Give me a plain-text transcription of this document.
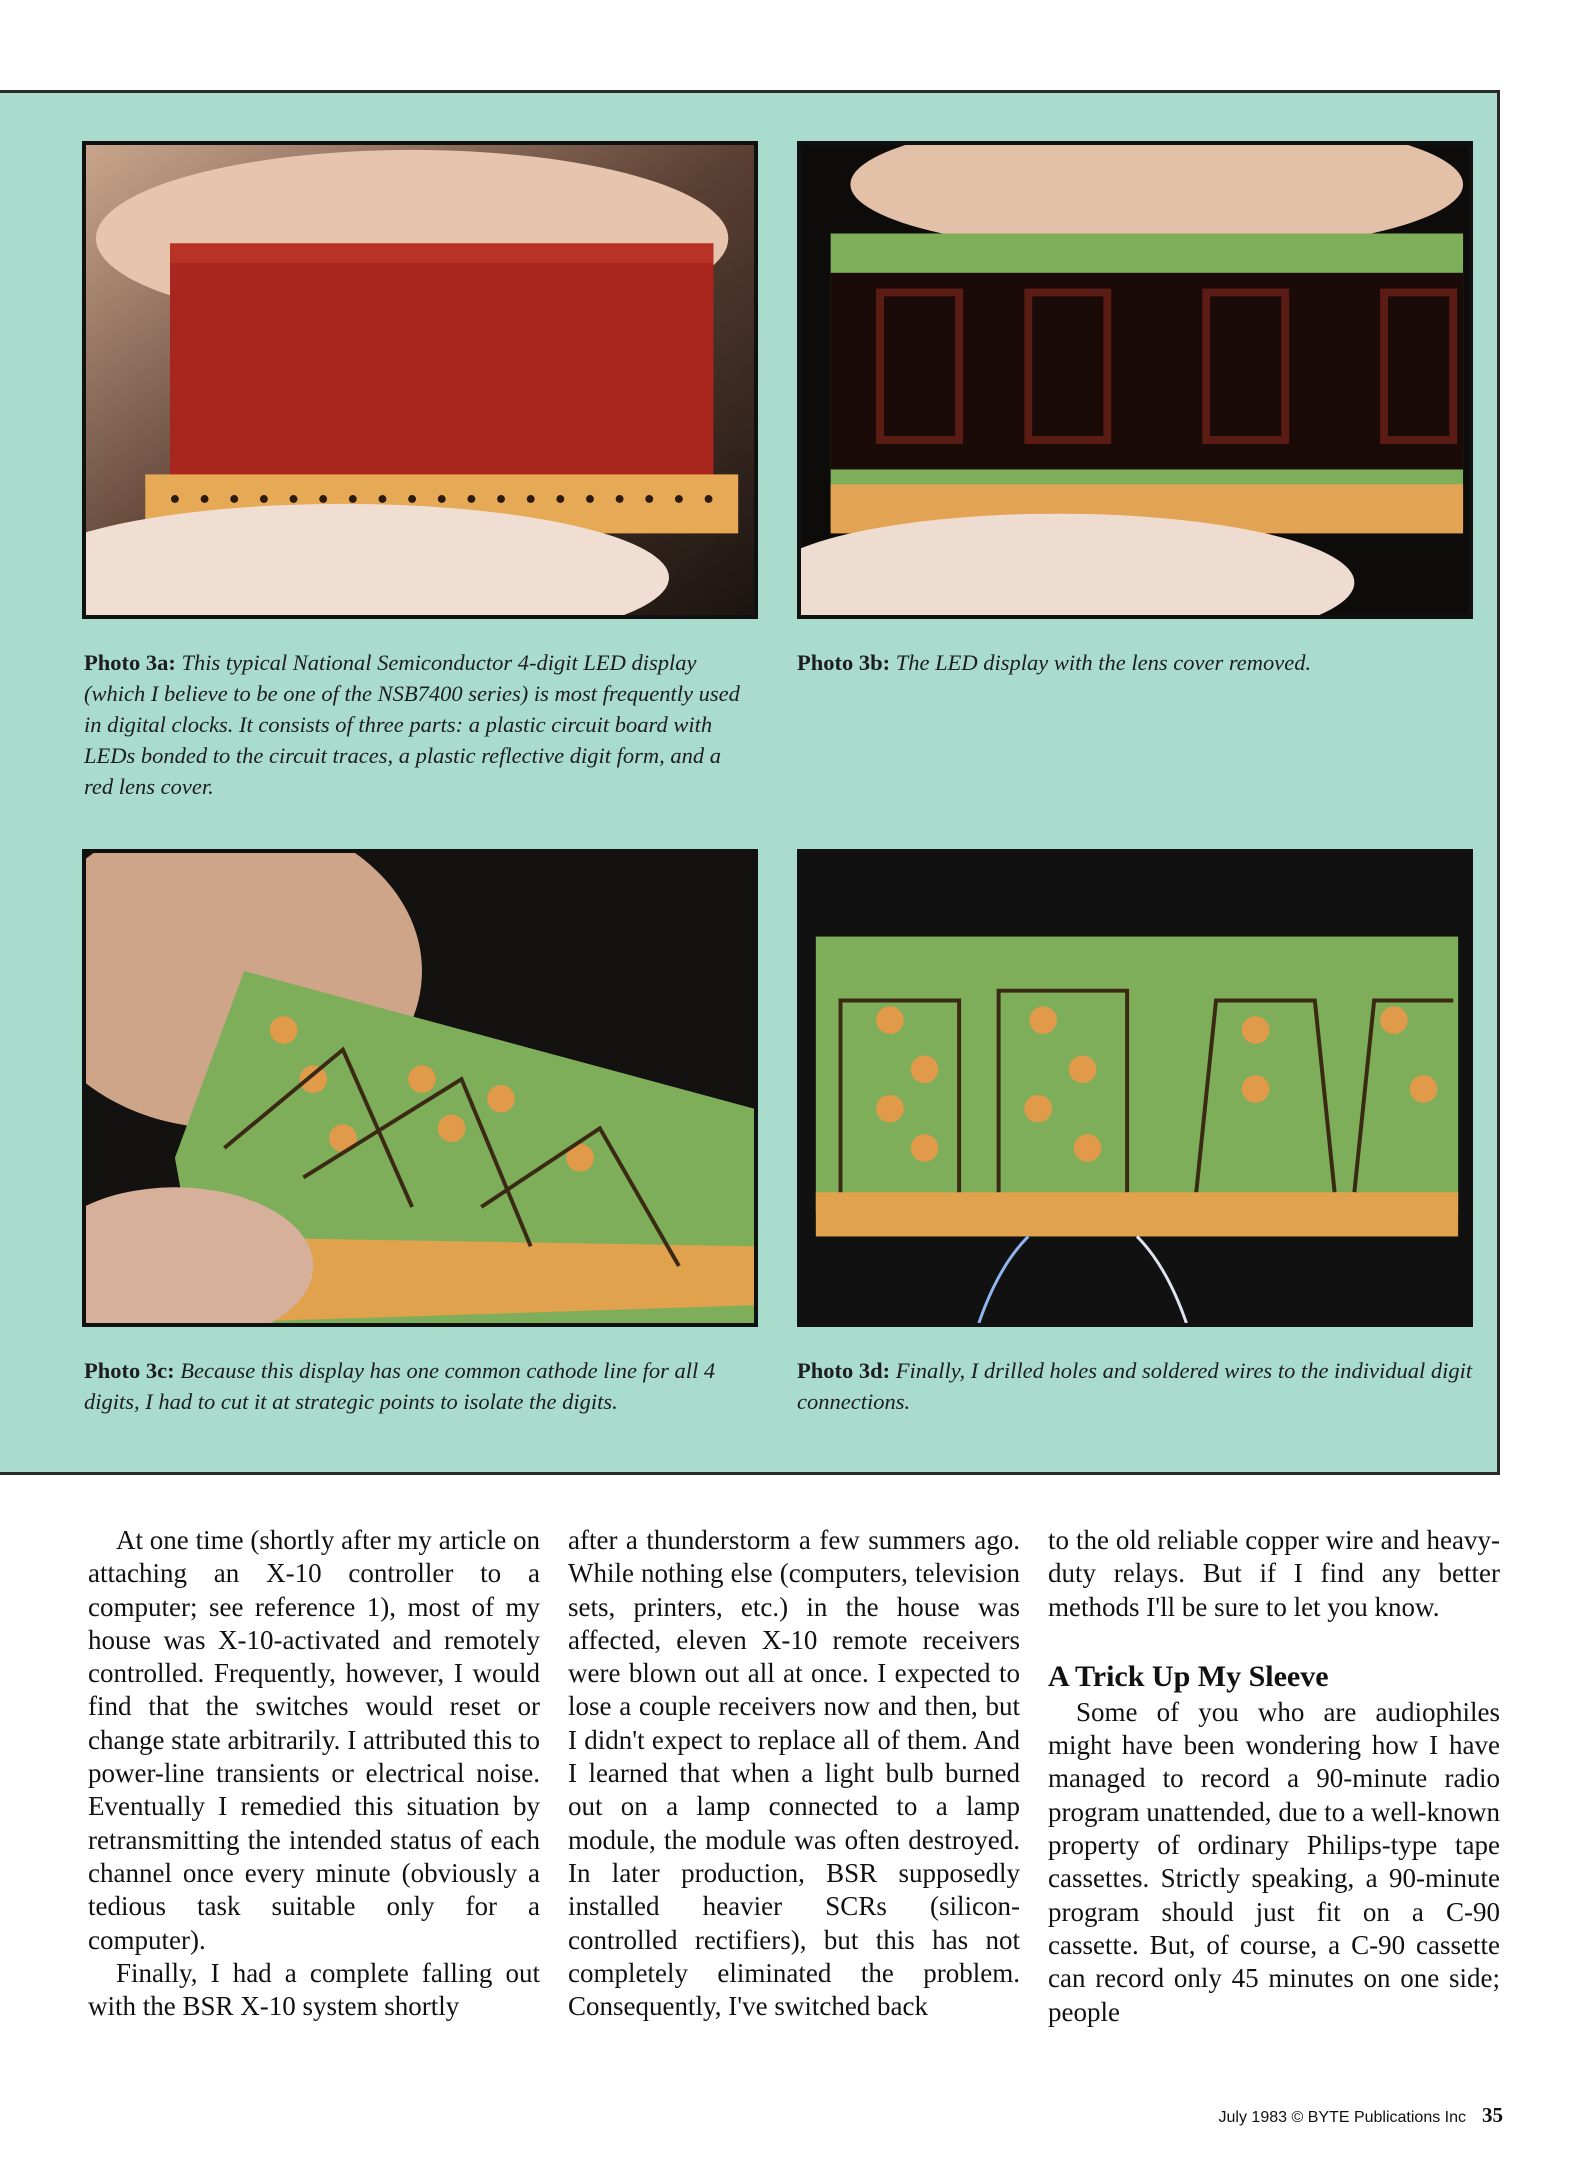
Photo 3a: This typical National Semiconductor 4-digit LED display (which I believe to be one of the NSB7400 series) is most frequently used in digital clocks. It consists of three parts: a plastic circuit board with LEDs bonded to the circuit traces, a plastic reflective digit form, and a red lens cover.
Photo 3b: The LED display with the lens cover removed.
Photo 3c: Because this display has one common cathode line for all 4 digits, I had to cut it at strategic points to isolate the digits.
Photo 3d: Finally, I drilled holes and soldered wires to the individual digit connections.

At one time (shortly after my article on attaching an X-10 controller to a computer; see reference 1), most of my house was X-10-activated and remotely controlled. Frequently, however, I would find that the switches would reset or change state arbitrarily. I attributed this to power-line transients or electrical noise. Eventually I remedied this situation by retransmitting the intended status of each channel once every minute (obviously a tedious task suitable only for a computer).

Finally, I had a complete falling out with the BSR X-10 system shortly

after a thunderstorm a few summers ago. While nothing else (computers, television sets, printers, etc.) in the house was affected, eleven X-10 remote receivers were blown out all at once. I expected to lose a couple receivers now and then, but I didn't expect to replace all of them. And I learned that when a light bulb burned out on a lamp connected to a lamp module, the module was often destroyed. In later production, BSR supposedly installed heavier SCRs (silicon-controlled rectifiers), but this has not completely eliminated the problem. Consequently, I've switched back

to the old reliable copper wire and heavy-duty relays. But if I find any better methods I'll be sure to let you know.

A Trick Up My Sleeve

Some of you who are audiophiles might have been wondering how I have managed to record a 90-minute radio program unattended, due to a well-known property of ordinary Philips-type tape cassettes. Strictly speaking, a 90-minute program should just fit on a C-90 cassette. But, of course, a C-90 cassette can record only 45 minutes on one side; people

July 1983 © BYTE Publications Inc 35
